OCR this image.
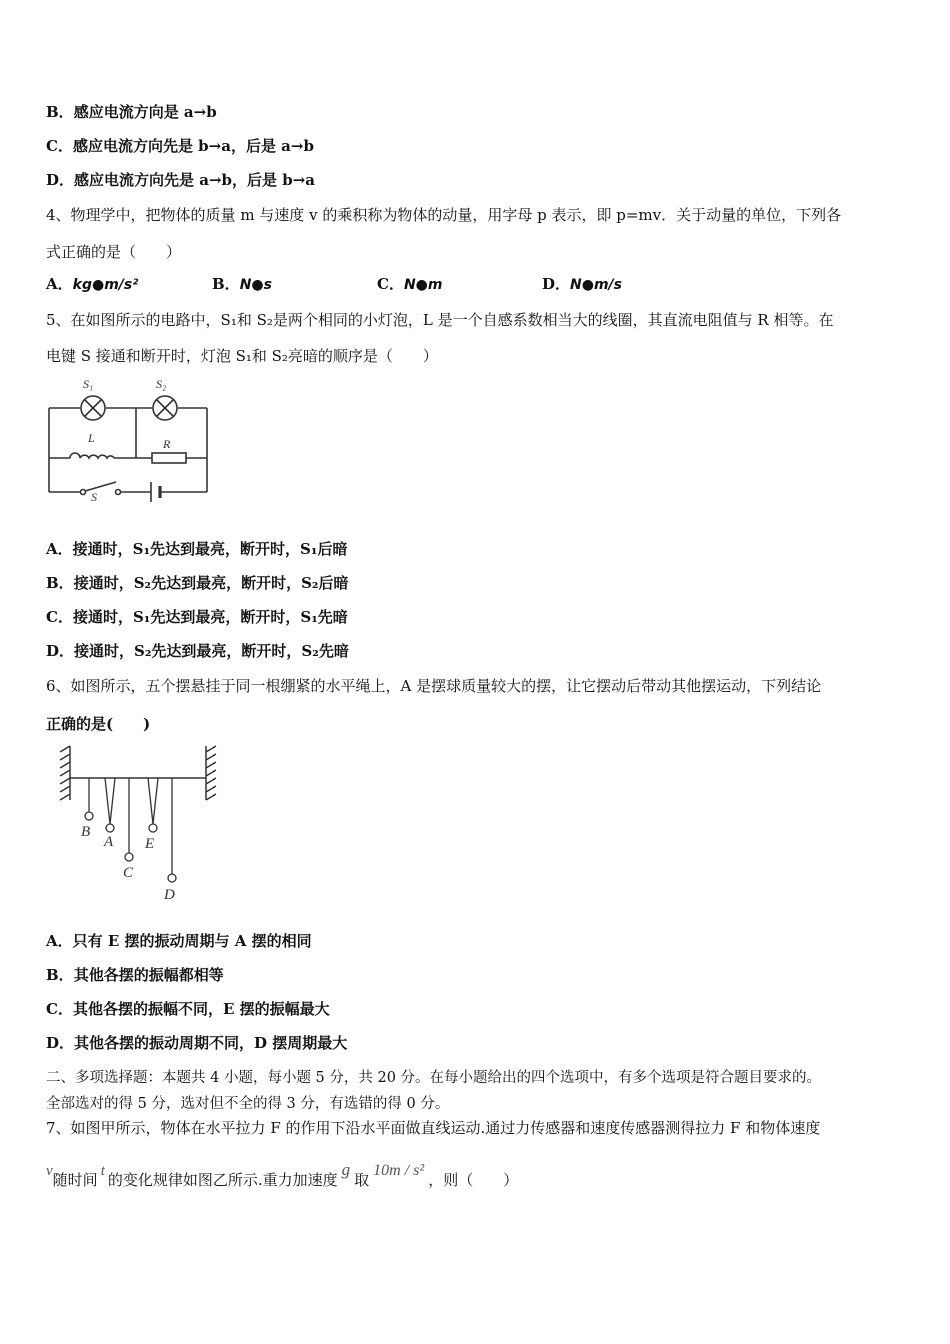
B．感应电流方向是 a→b
C．感应电流方向先是 b→a，后是 a→b
D．感应电流方向先是 a→b，后是 b→a
4、物理学中，把物体的质量 m 与速度 v 的乘积称为物体的动量，用字母 p 表示，即 p=mv．关于动量的单位，下列各
式正确的是（　　）
A．kg●m/s²	B．N●s	C．N●m	D．N●m/s
5、在如图所示的电路中，S₁和 S₂是两个相同的小灯泡，L 是一个自感系数相当大的线圈，其直流电阻值与 R 相等。在
电键 S 接通和断开时，灯泡 S₁和 S₂亮暗的顺序是（　　）
S₁	S₂
L	R
S
A．接通时，S₁先达到最亮，断开时，S₁后暗
B．接通时，S₂先达到最亮，断开时，S₂后暗
C．接通时，S₁先达到最亮，断开时，S₁先暗
D．接通时，S₂先达到最亮，断开时，S₂先暗
6、如图所示，五个摆悬挂于同一根绷紧的水平绳上，A 是摆球质量较大的摆，让它摆动后带动其他摆运动，下列结论
正确的是(　　)
B
A
C
E
D
A．只有 E 摆的振动周期与 A 摆的相同
B．其他各摆的振幅都相等
C．其他各摆的振幅不同，E 摆的振幅最大
D．其他各摆的振动周期不同，D 摆周期最大
二、多项选择题：本题共 4 小题，每小题 5 分，共 20 分。在每小题给出的四个选项中，有多个选项是符合题目要求的。
全部选对的得 5 分，选对但不全的得 3 分，有选错的得 0 分。
7、如图甲所示，物体在水平拉力 F 的作用下沿水平面做直线运动.通过力传感器和速度传感器测得拉力 F 和物体速度
v随时间 t 的变化规律如图乙所示.重力加速度g取10m / s²，则（　　）
